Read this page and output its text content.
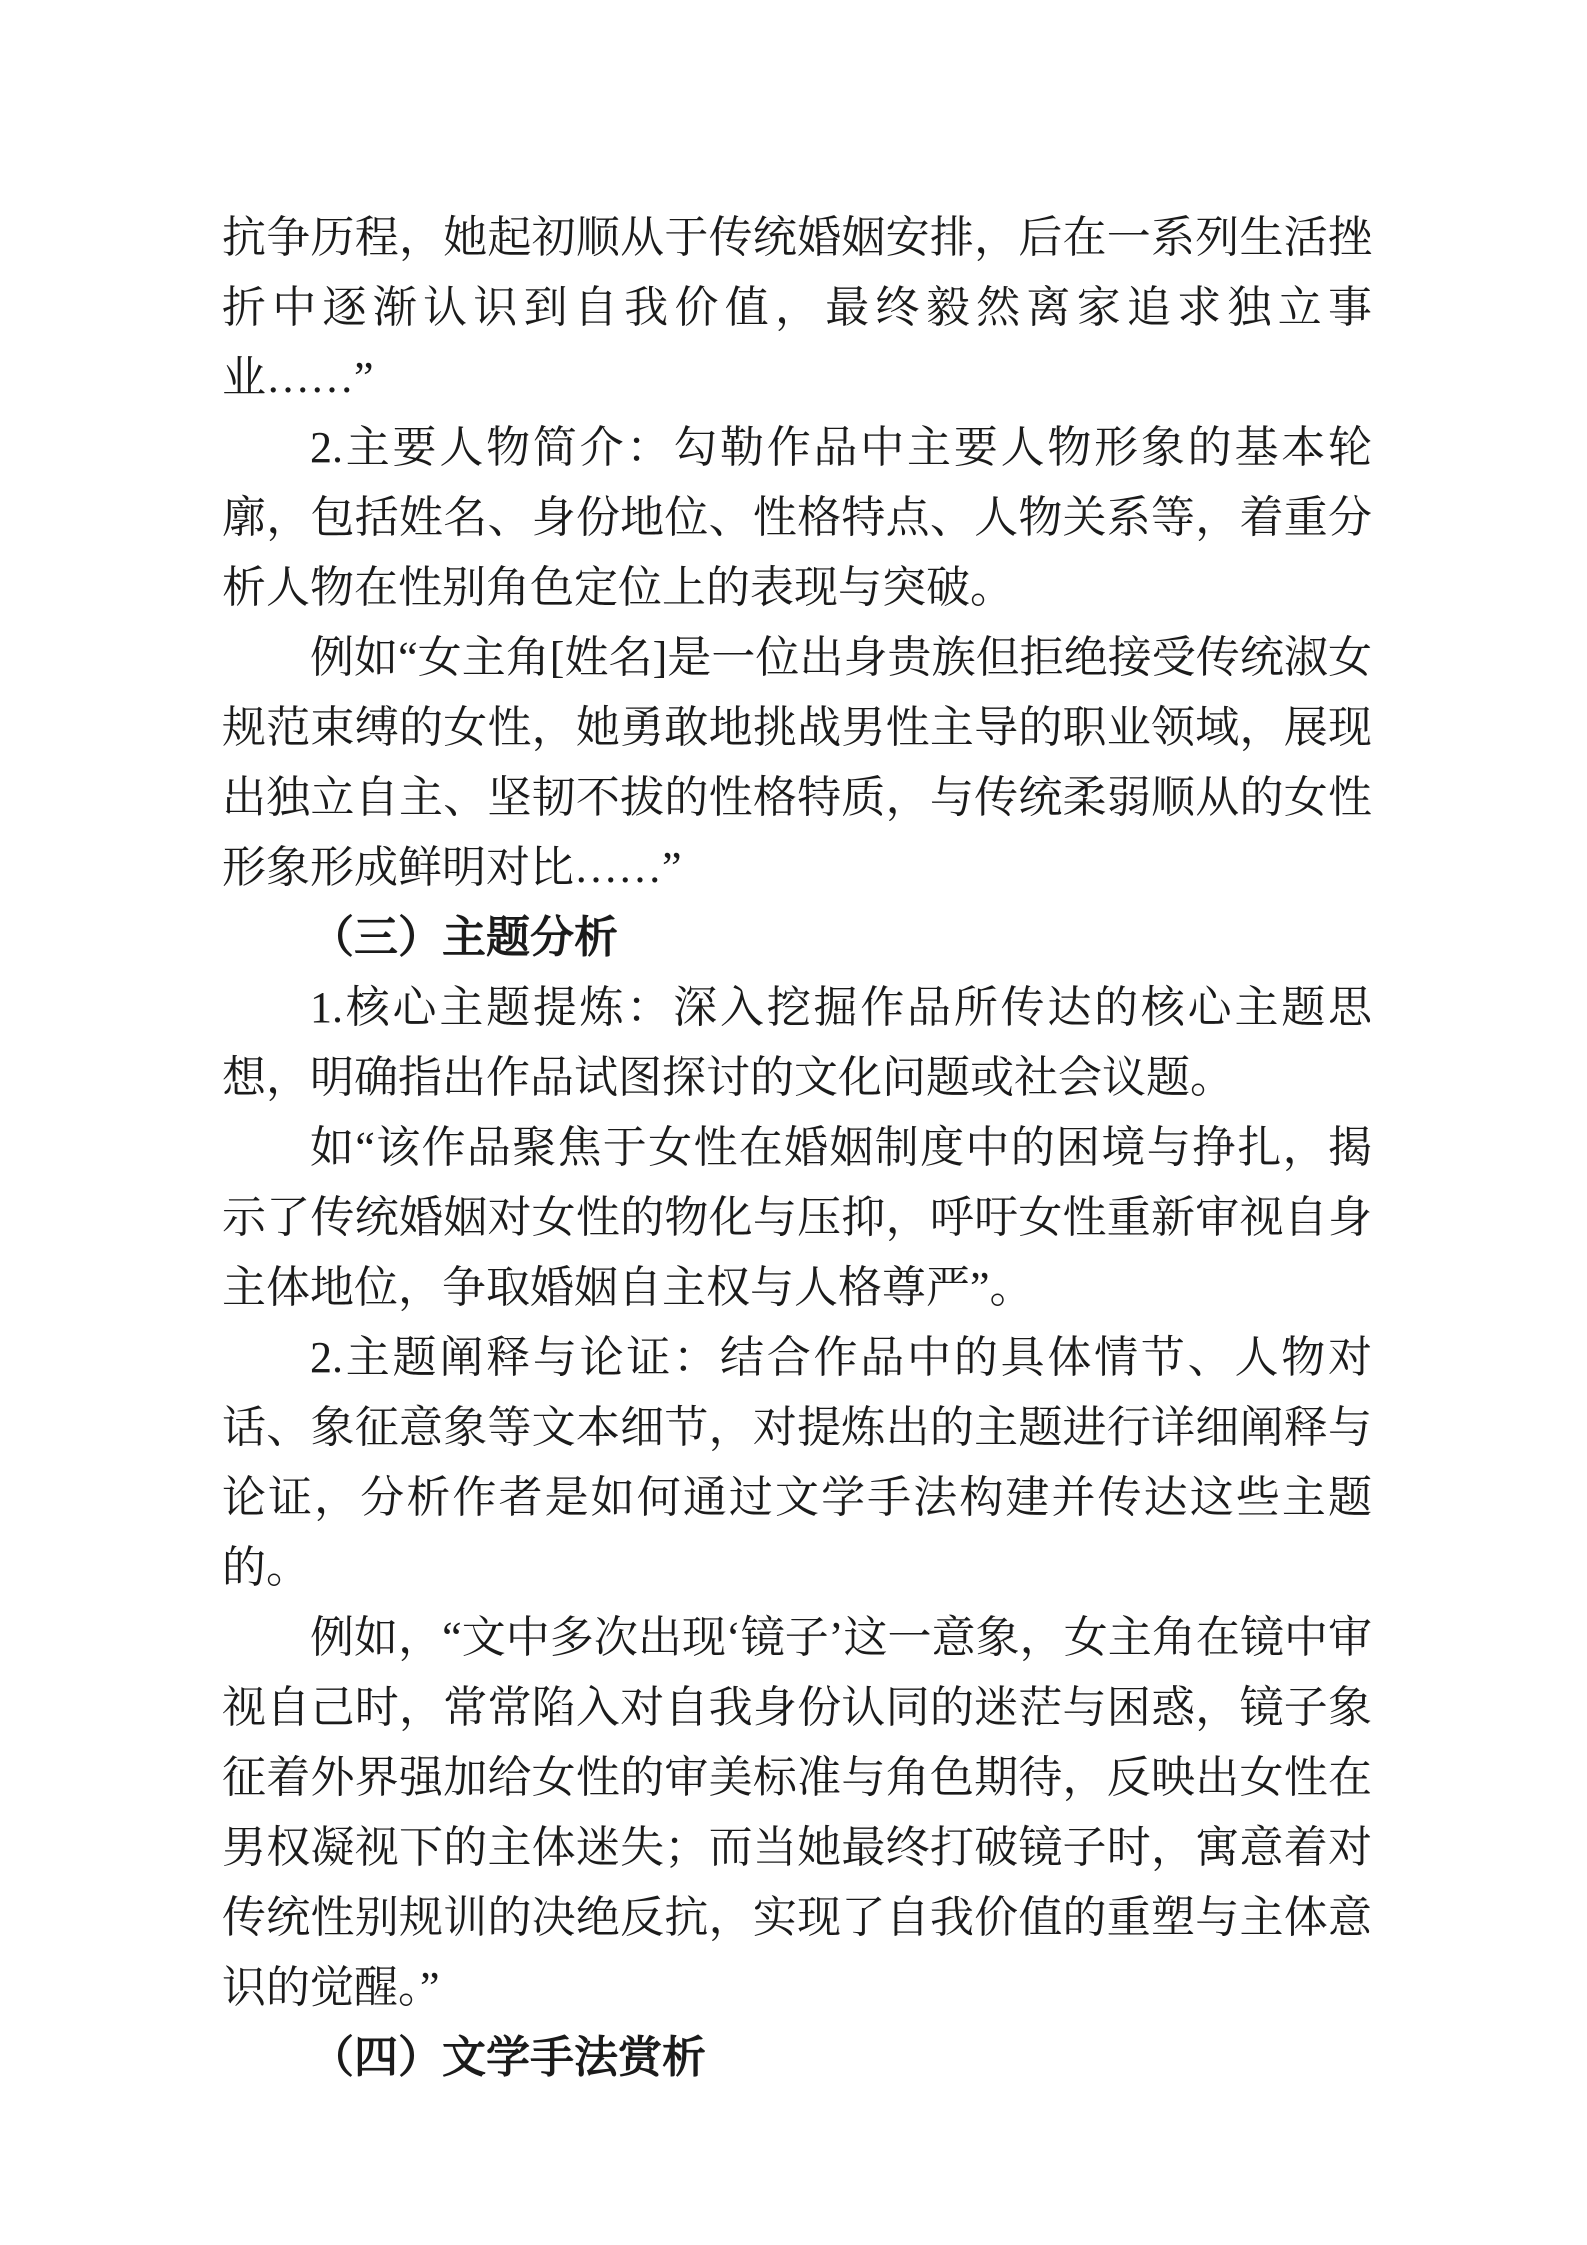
抗争历程，她起初顺从于传统婚姻安排，后在一系列生活挫折中逐渐认识到自我价值，最终毅然离家追求独立事业……”

2.主要人物简介：勾勒作品中主要人物形象的基本轮廓，包括姓名、身份地位、性格特点、人物关系等，着重分析人物在性别角色定位上的表现与突破。

例如“女主角[姓名]是一位出身贵族但拒绝接受传统淑女规范束缚的女性，她勇敢地挑战男性主导的职业领域，展现出独立自主、坚韧不拔的性格特质，与传统柔弱顺从的女性形象形成鲜明对比……”

（三）主题分析

1.核心主题提炼：深入挖掘作品所传达的核心主题思想，明确指出作品试图探讨的文化问题或社会议题。

如“该作品聚焦于女性在婚姻制度中的困境与挣扎，揭示了传统婚姻对女性的物化与压抑，呼吁女性重新审视自身主体地位，争取婚姻自主权与人格尊严”。

2.主题阐释与论证：结合作品中的具体情节、人物对话、象征意象等文本细节，对提炼出的主题进行详细阐释与论证，分析作者是如何通过文学手法构建并传达这些主题的。

例如，“文中多次出现‘镜子’这一意象，女主角在镜中审视自己时，常常陷入对自我身份认同的迷茫与困惑，镜子象征着外界强加给女性的审美标准与角色期待，反映出女性在男权凝视下的主体迷失；而当她最终打破镜子时，寓意着对传统性别规训的决绝反抗，实现了自我价值的重塑与主体意识的觉醒。”

（四）文学手法赏析
